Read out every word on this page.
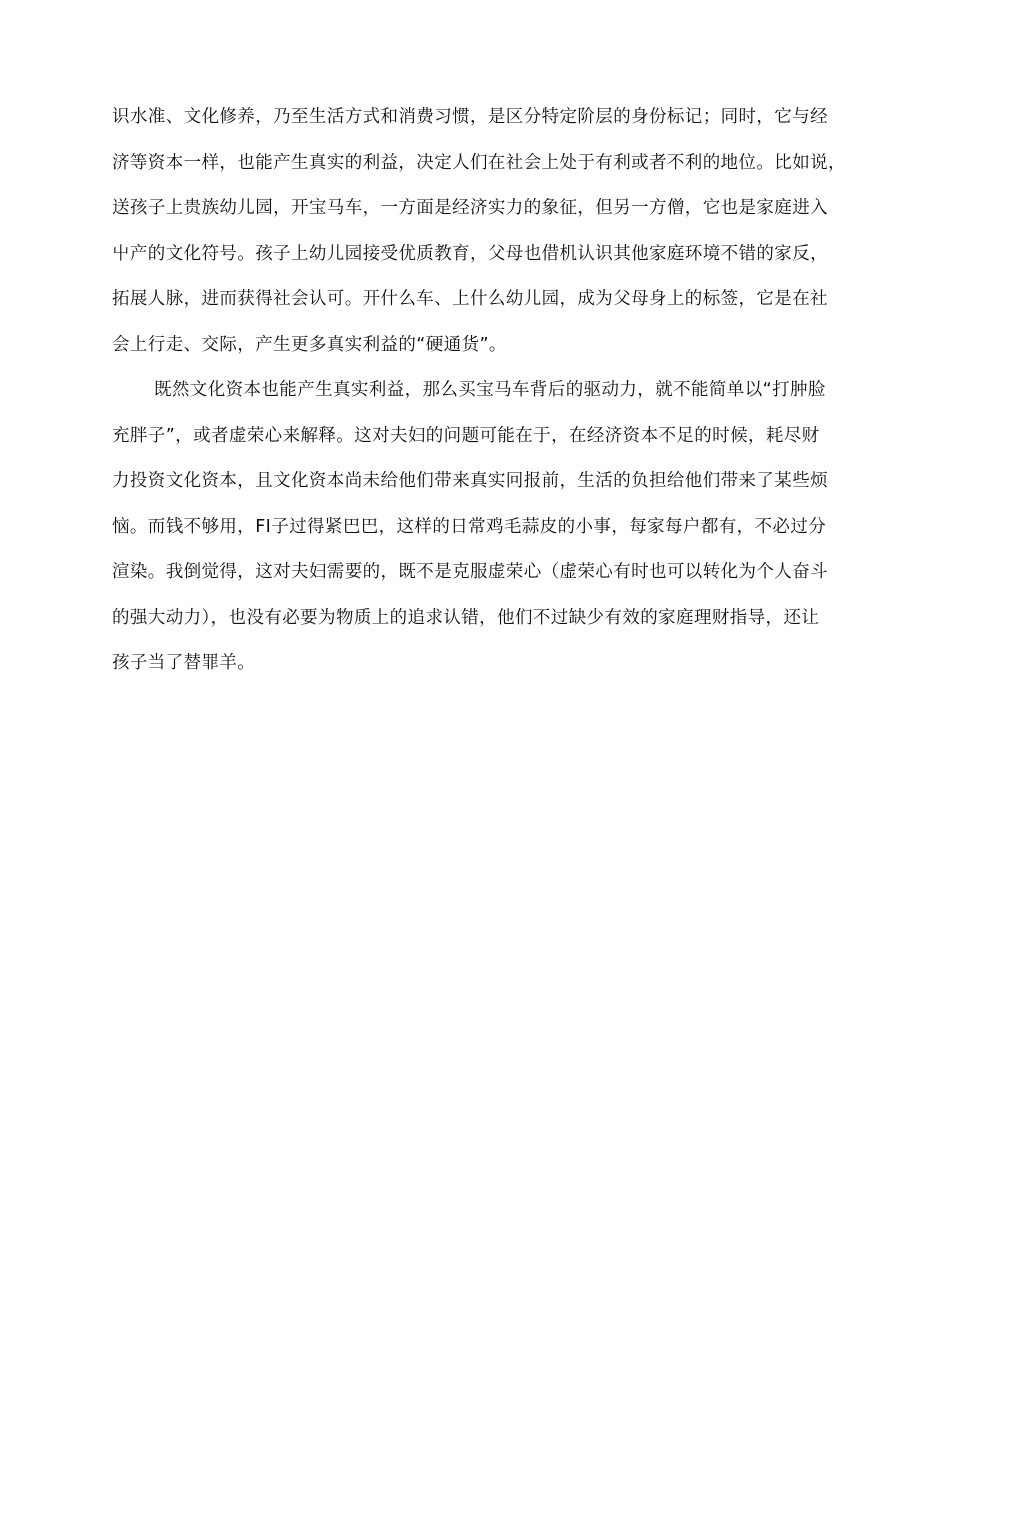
识水准、文化修养，乃至生活方式和消费习惯，是区分特定阶层的身份标记；同时，它与经
济等资本一样，也能产生真实的利益，决定人们在社会上处于有利或者不利的地位。比如说，
送孩子上贵族幼儿园，开宝马车，一方面是经济实力的象征，但另一方僧，它也是家庭进入
屮产的文化符号。孩子上幼儿园接受优质教育，父母也借机认识其他家庭环境不错的家反，
拓展人脉，进而获得社会认可。开什么车、上什么幼儿园，成为父母身上的标签，它是在社
会上行走、交际，产生更多真实利益的“硬通货”。
既然文化资本也能产生真实利益，那么买宝马车背后的驱动力，就不能简单以“打肿脸
充胖子”，或者虚荣心来解释。这对夫妇的问题可能在于，在经济资本不足的时候，耗尽财
力投资文化资本，且文化资本尚未给他们带来真实冋报前，生活的负担给他们带来了某些烦
恼。而钱不够用，FI子过得紧巴巴，这样的日常鸡毛蒜皮的小事，每家每户都有，不必过分
渲染。我倒觉得，这对夫妇需要的，既不是克服虚荣心（虚荣心有时也可以转化为个人奋斗
的强大动力），也没有必要为物质上的追求认错，他们不过缺少有效的家庭理财指导，还让
孩子当了替罪羊。
